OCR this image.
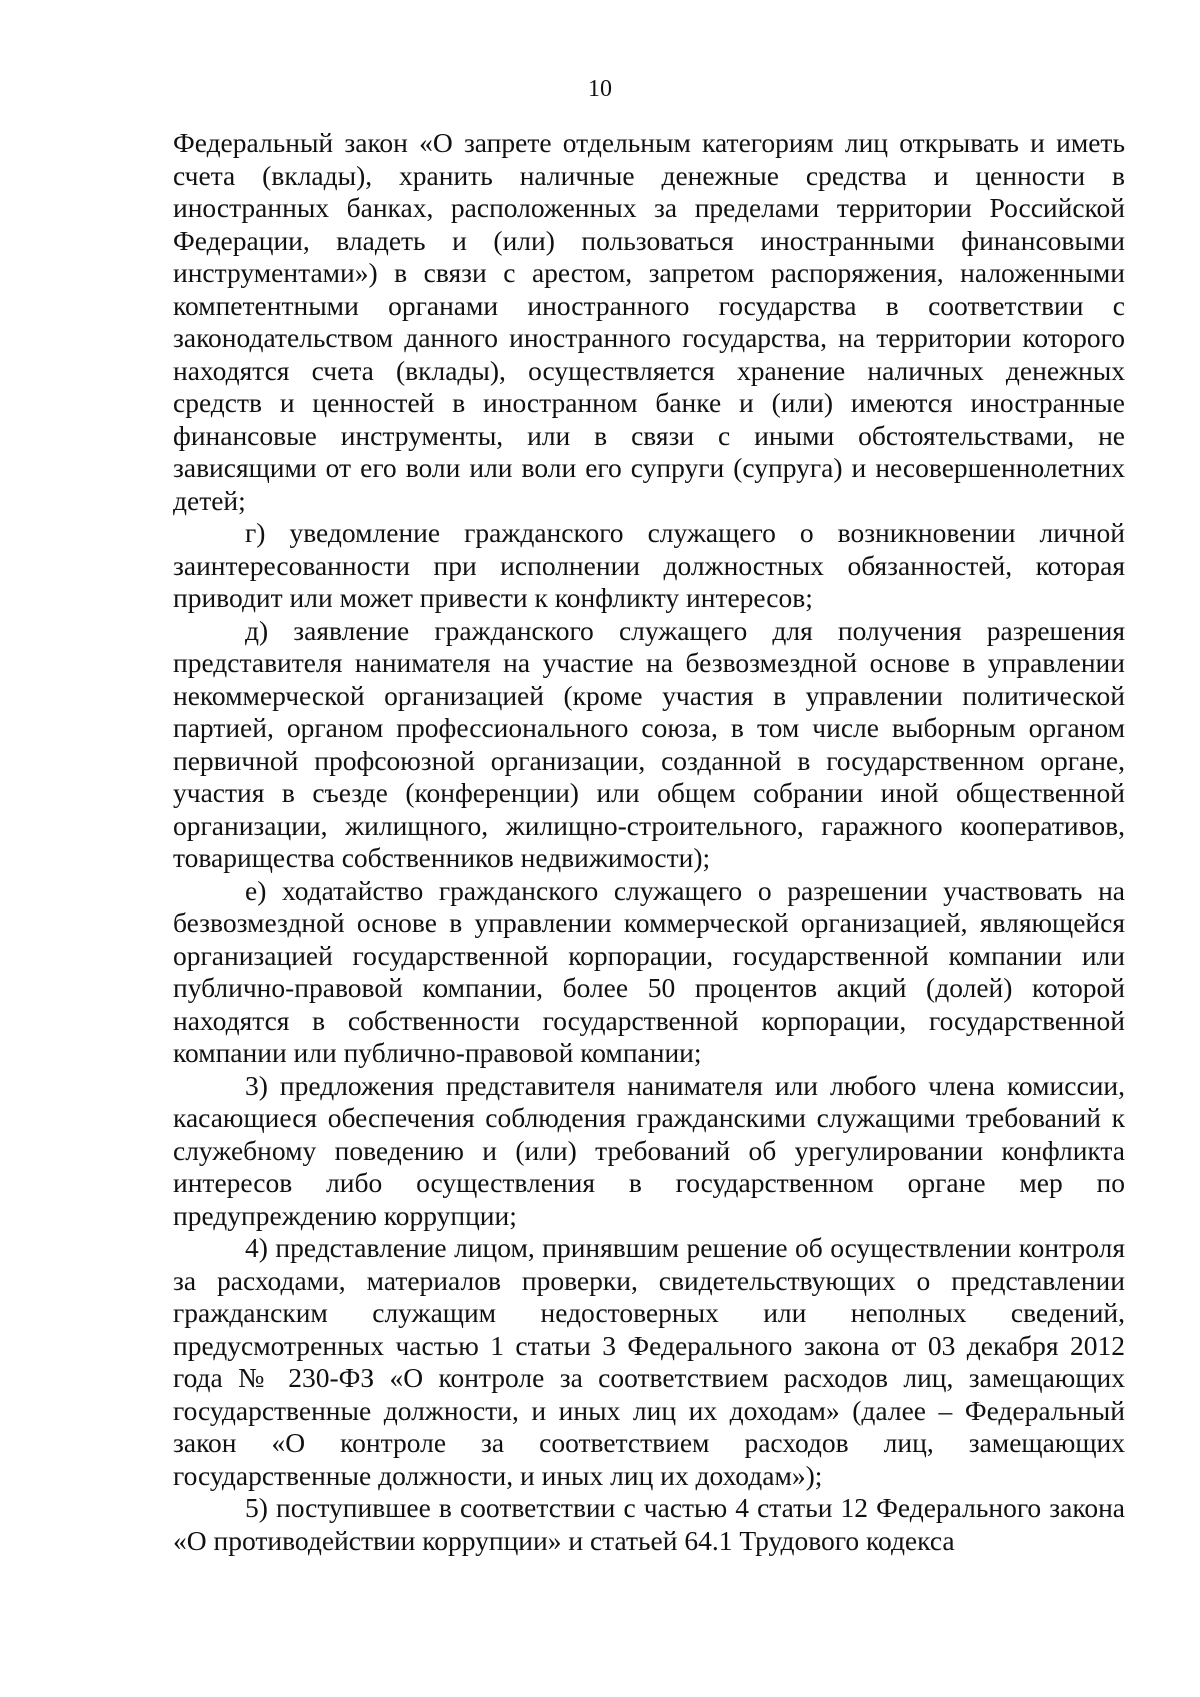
10

Федеральный закон «О запрете отдельным категориям лиц открывать и иметь счета (вклады), хранить наличные денежные средства и ценности в иностранных банках, расположенных за пределами территории Российской Федерации, владеть и (или) пользоваться иностранными финансовыми инструментами») в связи с арестом, запретом распоряжения, наложенными компетентными органами иностранного государства в соответствии с законодательством данного иностранного государства, на территории которого находятся счета (вклады), осуществляется хранение наличных денежных средств и ценностей в иностранном банке и (или) имеются иностранные финансовые инструменты, или в связи с иными обстоятельствами, не зависящими от его воли или воли его супруги (супруга) и несовершеннолетних детей;

г) уведомление гражданского служащего о возникновении личной заинтересованности при исполнении должностных обязанностей, которая приводит или может привести к конфликту интересов;

д) заявление гражданского служащего для получения разрешения представителя нанимателя на участие на безвозмездной основе в управлении некоммерческой организацией (кроме участия в управлении политической партией, органом профессионального союза, в том числе выборным органом первичной профсоюзной организации, созданной в государственном органе, участия в съезде (конференции) или общем собрании иной общественной организации, жилищного, жилищно-строительного, гаражного кооперативов, товарищества собственников недвижимости);

е) ходатайство гражданского служащего о разрешении участвовать на безвозмездной основе в управлении коммерческой организацией, являющейся организацией государственной корпорации, государственной компании или публично-правовой компании, более 50 процентов акций (долей) которой находятся в собственности государственной корпорации, государственной компании или публично-правовой компании;

3) предложения представителя нанимателя или любого члена комиссии, касающиеся обеспечения соблюдения гражданскими служащими требований к служебному поведению и (или) требований об урегулировании конфликта интересов либо осуществления в государственном органе мер по предупреждению коррупции;

4) представление лицом, принявшим решение об осуществлении контроля за расходами, материалов проверки, свидетельствующих о представлении гражданским служащим недостоверных или неполных сведений, предусмотренных частью 1 статьи 3 Федерального закона от 03 декабря 2012 года № 230-ФЗ «О контроле за соответствием расходов лиц, замещающих государственные должности, и иных лиц их доходам» (далее – Федеральный закон «О контроле за соответствием расходов лиц, замещающих государственные должности, и иных лиц их доходам»);

5) поступившее в соответствии с частью 4 статьи 12 Федерального закона «О противодействии коррупции» и статьей 64.1 Трудового кодекса
